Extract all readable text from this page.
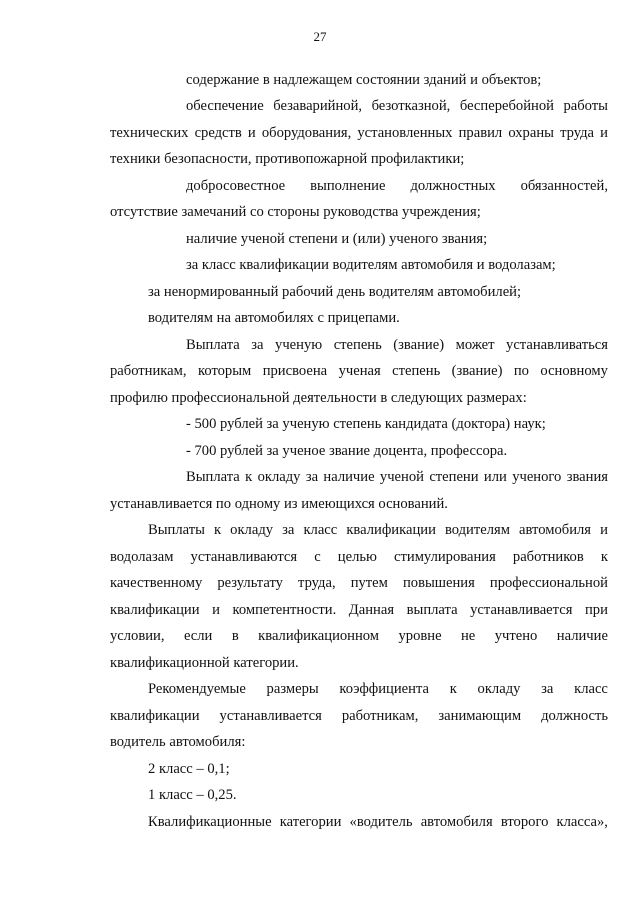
27
содержание в надлежащем состоянии зданий и объектов;
обеспечение безаварийной, безотказной, бесперебойной работы
технических средств и оборудования, установленных правил охраны труда и
техники безопасности, противопожарной профилактики;
добросовестное выполнение должностных обязанностей,
отсутствие замечаний со стороны руководства учреждения;
наличие ученой степени и (или) ученого звания;
за класс квалификации водителям автомобиля и водолазам;
за ненормированный рабочий день водителям автомобилей;
водителям на автомобилях с прицепами.
Выплата за ученую степень (звание) может устанавливаться
работникам, которым присвоена ученая степень (звание) по основному
профилю профессиональной деятельности в следующих размерах:
- 500 рублей за ученую степень кандидата (доктора) наук;
- 700 рублей за ученое звание доцента, профессора.
Выплата к окладу за наличие ученой степени или ученого звания
устанавливается по одному из имеющихся оснований.
Выплаты к окладу за класс квалификации водителям автомобиля и
водолазам устанавливаются с целью стимулирования работников к
качественному результату труда, путем повышения профессиональной
квалификации и компетентности. Данная выплата устанавливается при
условии, если в квалификационном уровне не учтено наличие
квалификационной категории.
Рекомендуемые размеры коэффициента к окладу за класс
квалификации устанавливается работникам, занимающим должность
водитель автомобиля:
2 класс – 0,1;
1 класс – 0,25.
Квалификационные категории «водитель автомобиля второго класса»,
